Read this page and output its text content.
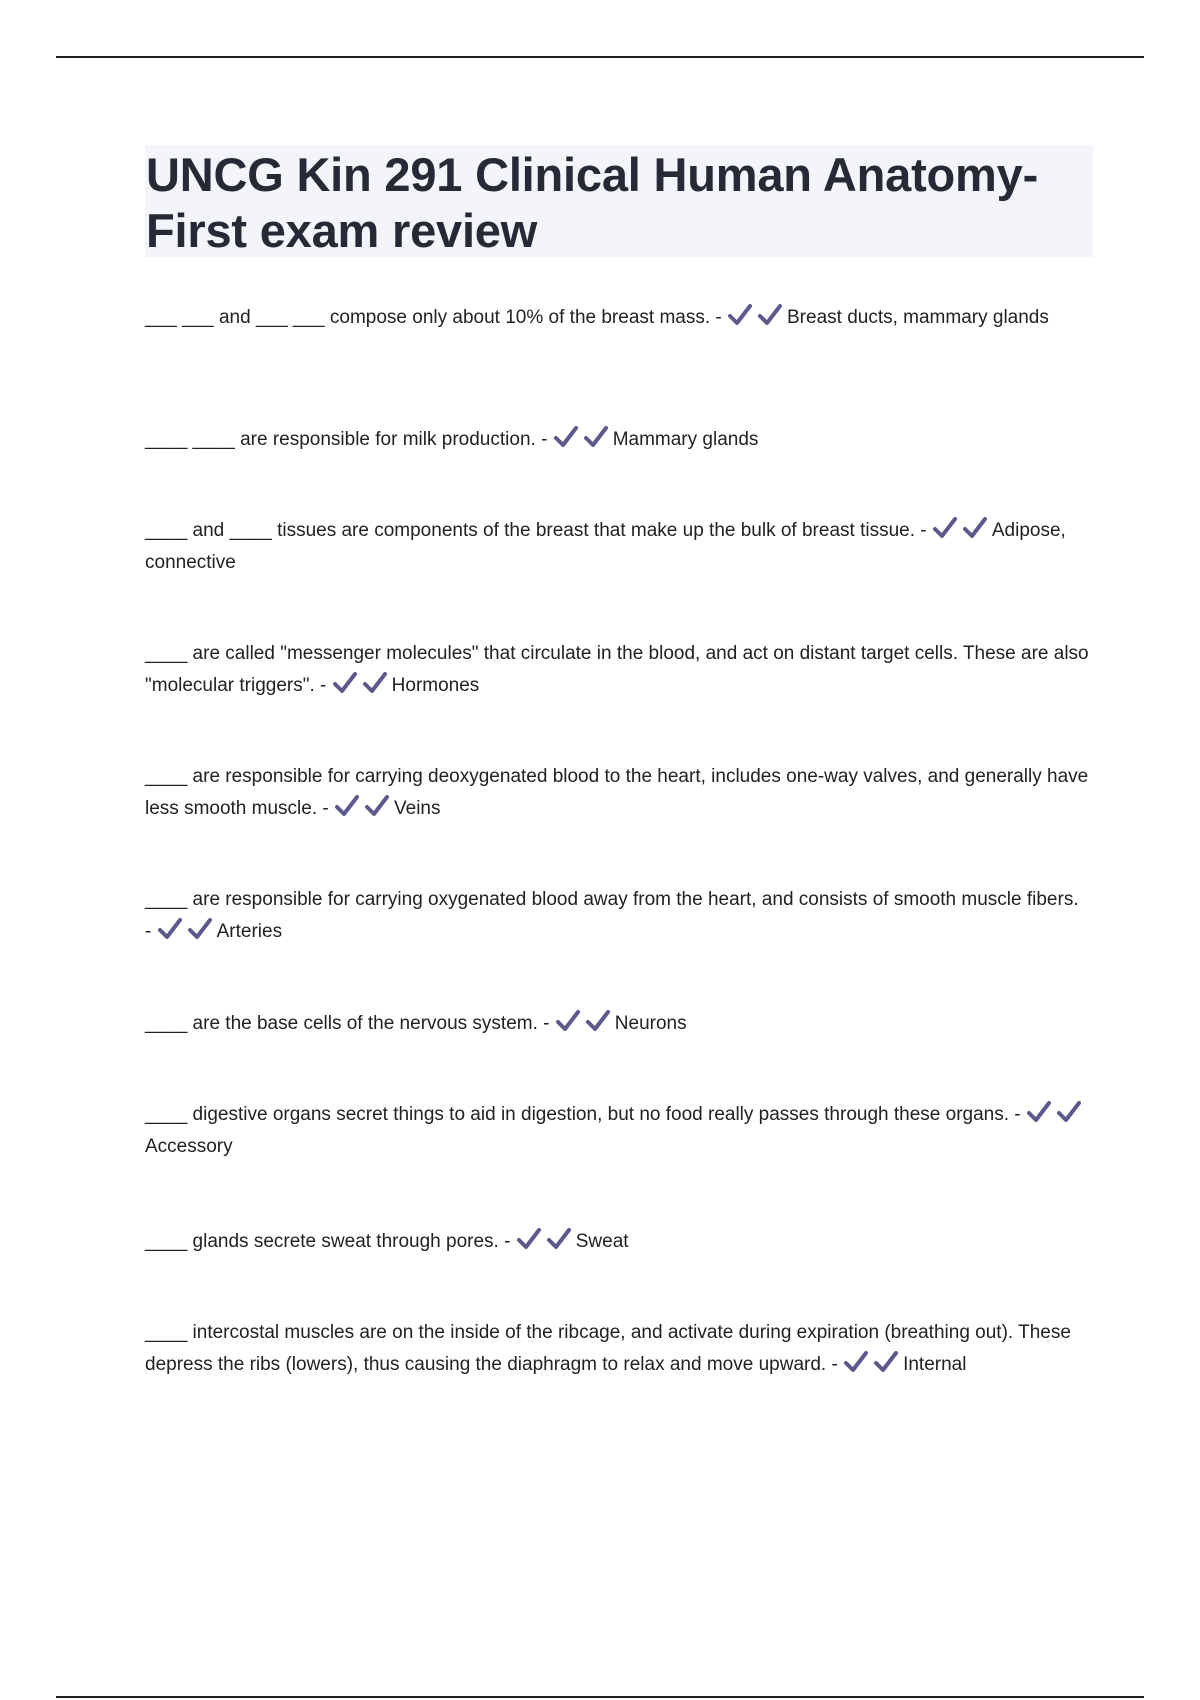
UNCG Kin 291 Clinical Human Anatomy- First exam review
___ ___ and ___ ___ compose only about 10% of the breast mass. -	Breast ducts, mammary glands
____ ____ are responsible for milk production. -	Mammary glands
____ and ____ tissues are components of the breast that make up the bulk of breast tissue. -	Adipose, connective
____ are called "messenger molecules" that circulate in the blood, and act on distant target cells. These are also "molecular triggers". -	Hormones
____ are responsible for carrying deoxygenated blood to the heart, includes one-way valves, and generally have less smooth muscle. -	Veins
____ are responsible for carrying oxygenated blood away from the heart, and consists of smooth muscle fibers. -	Arteries
____ are the base cells of the nervous system. -	Neurons
____ digestive organs secret things to aid in digestion, but no food really passes through these organs. -
Accessory
____ glands secrete sweat through pores. -	Sweat
____ intercostal muscles are on the inside of the ribcage, and activate during expiration (breathing out). These depress the ribs (lowers), thus causing the diaphragm to relax and move upward. -	Internal
